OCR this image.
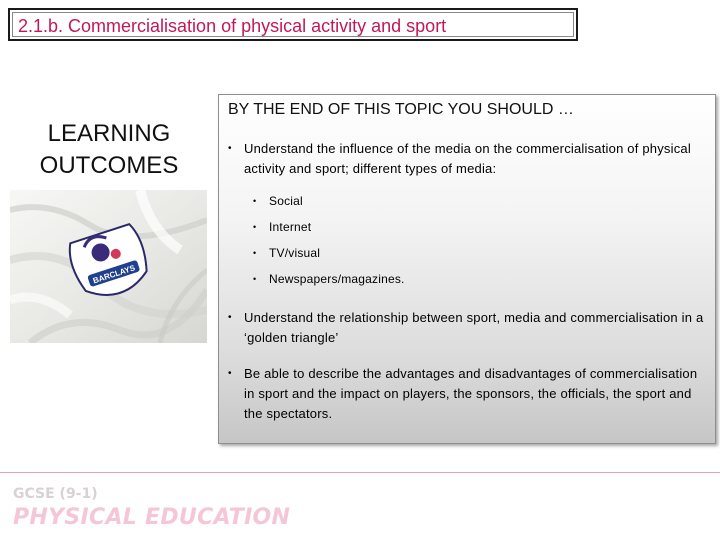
2.1.b. Commercialisation of physical activity and sport
LEARNING OUTCOMES
BARCLAYS
BY THE END OF THIS TOPIC YOU SHOULD …
• Understand the influence of the media on the commercialisation of physical activity and sport; different types of media:
• Social
• Internet
• TV/visual
• Newspapers/magazines.
• Understand the relationship between sport, media and commercialisation in a ‘golden triangle’
• Be able to describe the advantages and disadvantages of commercialisation in sport and the impact on players, the sponsors, the officials, the sport and the spectators.
GCSE (9-1)
PHYSICAL EDUCATION
